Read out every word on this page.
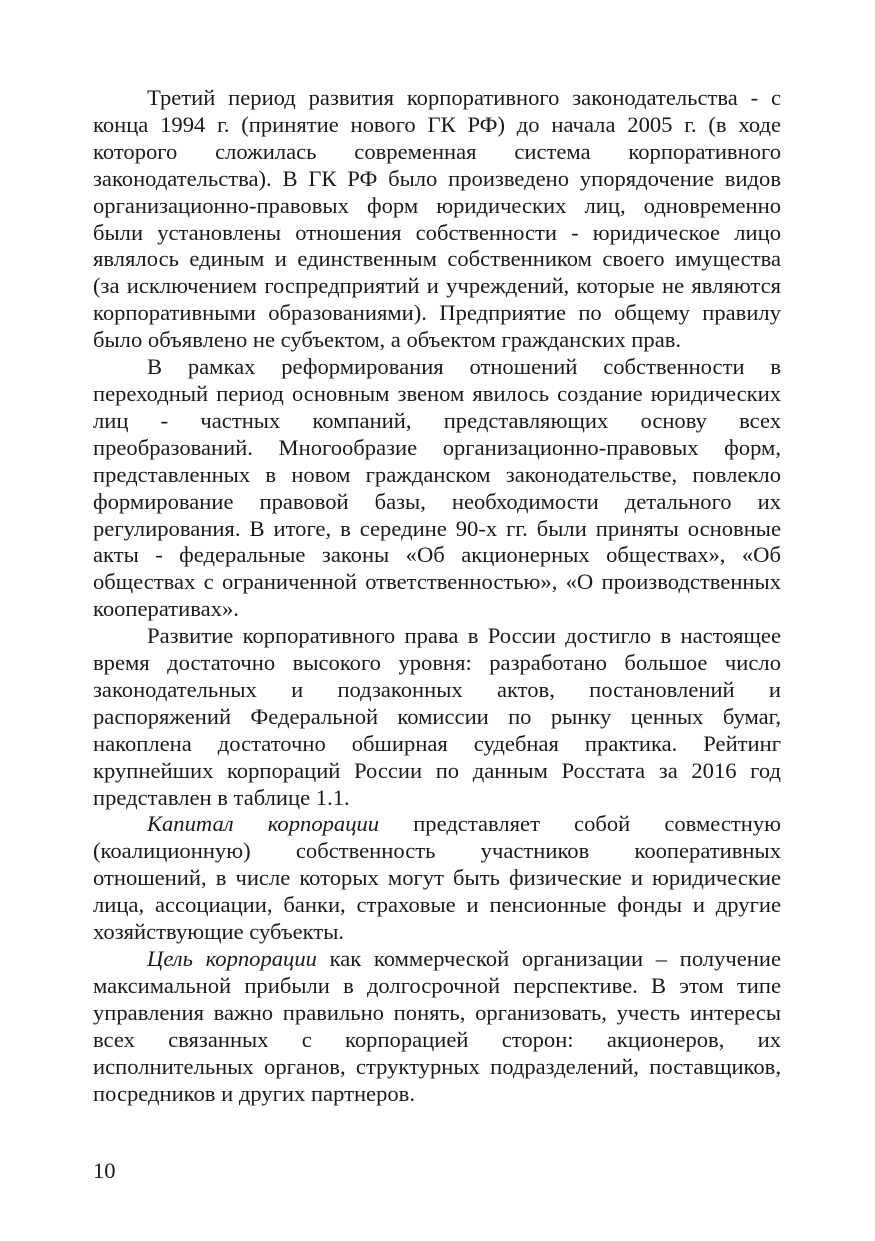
Третий период развития корпоративного законодательства - с конца 1994 г. (принятие нового ГК РФ) до начала 2005 г. (в ходе которого сложилась современная система корпоративного законодательства). В ГК РФ было произведено упорядочение видов организационно-правовых форм юридических лиц, одновременно были установлены отношения собственности - юридическое лицо являлось единым и единственным собственником своего имущества (за исключением госпредприятий и учреждений, которые не являются корпоративными образованиями). Предприятие по общему правилу было объявлено не субъектом, а объектом гражданских прав.

В рамках реформирования отношений собственности в переходный период основным звеном явилось создание юридических лиц - частных компаний, представляющих основу всех преобразований. Многообразие организационно-правовых форм, представленных в новом гражданском законодательстве, повлекло формирование правовой базы, необходимости детального их регулирования. В итоге, в середине 90-х гг. были приняты основные акты - федеральные законы «Об акционерных обществах», «Об обществах с ограниченной ответственностью», «О производственных кооперативах».

Развитие корпоративного права в России достигло в настоящее время достаточно высокого уровня: разработано большое число законодательных и подзаконных актов, постановлений и распоряжений Федеральной комиссии по рынку ценных бумаг, накоплена достаточно обширная судебная практика. Рейтинг крупнейших корпораций России по данным Росстата за 2016 год представлен в таблице 1.1.

Капитал корпорации представляет собой совместную (коалиционную) собственность участников кооперативных отношений, в числе которых могут быть физические и юридические лица, ассоциации, банки, страховые и пенсионные фонды и другие хозяйствующие субъекты.

Цель корпорации как коммерческой организации – получение максимальной прибыли в долгосрочной перспективе. В этом типе управления важно правильно понять, организовать, учесть интересы всех связанных с корпорацией сторон: акционеров, их исполнительных органов, структурных подразделений, поставщиков, посредников и других партнеров.

10
